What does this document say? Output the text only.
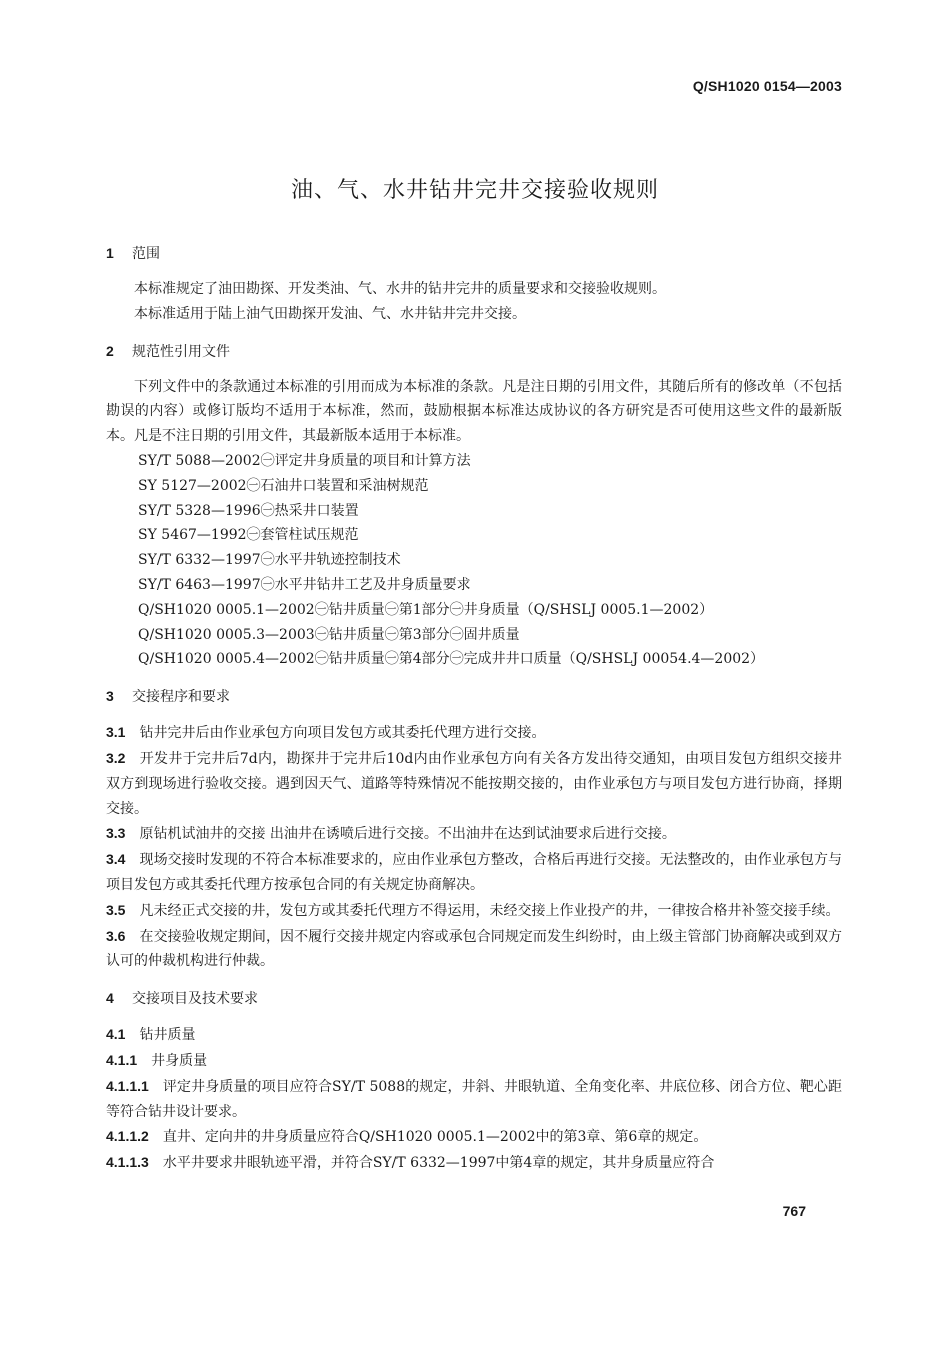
Q/SH1020 0154—2003
油、气、水井钻井完井交接验收规则
1 范围

本标准规定了油田勘探、开发类油、气、水井的钻井完井的质量要求和交接验收规则。

本标准适用于陆上油气田勘探开发油、气、水井钻井完井交接。

2 规范性引用文件

下列文件中的条款通过本标准的引用而成为本标准的条款。凡是注日期的引用文件，其随后所有的修改单（不包括勘误的内容）或修订版均不适用于本标准，然而，鼓励根据本标准达成协议的各方研究是否可使用这些文件的最新版本。凡是不注日期的引用文件，其最新版本适用于本标准。

SY/T 5088—2002㊀评定井身质量的项目和计算方法

SY 5127—2002㊀石油井口装置和采油树规范

SY/T 5328—1996㊀热采井口装置

SY 5467—1992㊀套管柱试压规范

SY/T 6332—1997㊀水平井轨迹控制技术

SY/T 6463—1997㊀水平井钻井工艺及井身质量要求

Q/SH1020 0005.1—2002㊀钻井质量㊀第1部分㊀井身质量（Q/SHSLJ 0005.1—2002）

Q/SH1020 0005.3—2003㊀钻井质量㊀第3部分㊀固井质量

Q/SH1020 0005.4—2002㊀钻井质量㊀第4部分㊀完成井井口质量（Q/SHSLJ 00054.4—2002）

3 交接程序和要求

3.1 钻井完井后由作业承包方向项目发包方或其委托代理方进行交接。

3.2 开发井于完井后7d内，勘探井于完井后10d内由作业承包方向有关各方发出待交通知，由项目发包方组织交接井双方到现场进行验收交接。遇到因天气、道路等特殊情况不能按期交接的，由作业承包方与项目发包方进行协商，择期交接。

3.3 原钻机试油井的交接 出油井在诱喷后进行交接。不出油井在达到试油要求后进行交接。

3.4 现场交接时发现的不符合本标准要求的，应由作业承包方整改，合格后再进行交接。无法整改的，由作业承包方与项目发包方或其委托代理方按承包合同的有关规定协商解决。

3.5 凡未经正式交接的井，发包方或其委托代理方不得运用，未经交接上作业投产的井，一律按合格井补签交接手续。

3.6 在交接验收规定期间，因不履行交接井规定内容或承包合同规定而发生纠纷时，由上级主管部门协商解决或到双方认可的仲裁机构进行仲裁。

4 交接项目及技术要求

4.1 钻井质量

4.1.1 井身质量

4.1.1.1 评定井身质量的项目应符合SY/T 5088的规定，井斜、井眼轨道、全角变化率、井底位移、闭合方位、靶心距等符合钻井设计要求。

4.1.1.2 直井、定向井的井身质量应符合Q/SH1020 0005.1—2002中的第3章、第6章的规定。

4.1.1.3 水平井要求井眼轨迹平滑，并符合SY/T 6332—1997中第4章的规定，其井身质量应符合

767
